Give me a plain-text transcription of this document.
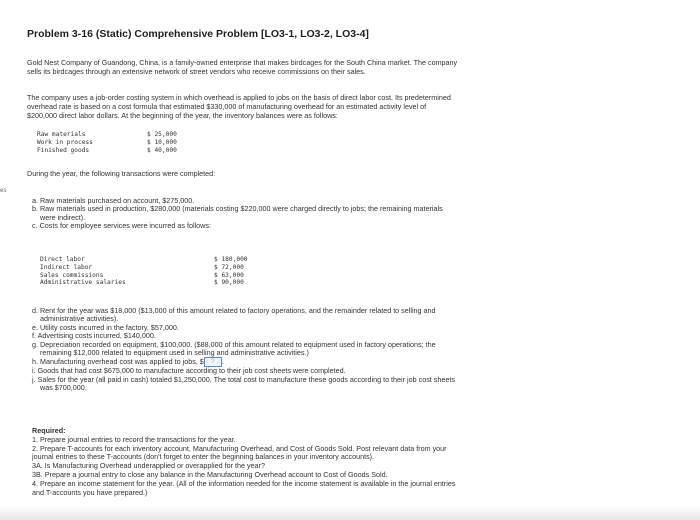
es
Problem 3-16 (Static) Comprehensive Problem [LO3-1, LO3-2, LO3-4]
Gold Nest Company of Guandong, China, is a family-owned enterprise that makes birdcages for the South China market. The company
sells its birdcages through an extensive network of street vendors who receive commissions on their sales.
The company uses a job-order costing system in which overhead is applied to jobs on the basis of direct labor cost. Its predetermined
overhead rate is based on a cost formula that estimated $330,000 of manufacturing overhead for an estimated activity level of
$200,000 direct labor dollars. At the beginning of the year, the inventory balances were as follows:
Raw materials	$ 25,000
Work in process	$ 10,000
Finished goods	$ 40,000
During the year, the following transactions were completed:
a. Raw materials purchased on account, $275,000.
b. Raw materials used in production, $280,000 (materials costing $220,000 were charged directly to jobs; the remaining materials
were indirect).
c. Costs for employee services were incurred as follows:
Direct labor	$ 180,000
Indirect labor	$ 72,000
Sales commissions	$ 63,000
Administrative salaries	$ 90,000
d. Rent for the year was $18,000 ($13,000 of this amount related to factory operations, and the remainder related to selling and
administrative activities).
e. Utility costs incurred in the factory, $57,000.
f. Advertising costs incurred, $140,000.
g. Depreciation recorded on equipment, $100,000. ($88,000 of this amount related to equipment used in factory operations; the
remaining $12,000 related to equipment used in selling and administrative activities.)
h. Manufacturing overhead cost was applied to jobs, $ ? .
i. Goods that had cost $675,000 to manufacture according to their job cost sheets were completed.
j. Sales for the year (all paid in cash) totaled $1,250,000. The total cost to manufacture these goods according to their job cost sheets
was $700,000.
Required:
1. Prepare journal entries to record the transactions for the year.
2. Prepare T-accounts for each inventory account, Manufacturing Overhead, and Cost of Goods Sold. Post relevant data from your
journal entries to these T-accounts (don't forget to enter the beginning balances in your inventory accounts).
3A. Is Manufacturing Overhead underapplied or overapplied for the year?
3B. Prepare a journal entry to close any balance in the Manufacturing Overhead account to Cost of Goods Sold.
4. Prepare an income statement for the year. (All of the information needed for the income statement is available in the journal entries
and T-accounts you have prepared.)
